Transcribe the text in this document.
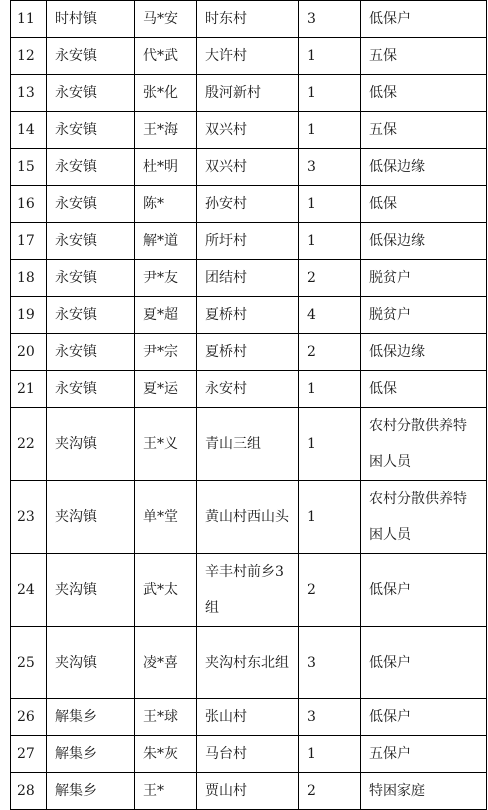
11	时村镇	马*安	时东村	3	低保户
12	永安镇	代*武	大许村	1	五保
13	永安镇	张*化	殷河新村	1	低保
14	永安镇	王*海	双兴村	1	五保
15	永安镇	杜*明	双兴村	3	低保边缘
16	永安镇	陈*	孙安村	1	低保
17	永安镇	解*道	所圩村	1	低保边缘
18	永安镇	尹*友	团结村	2	脱贫户
19	永安镇	夏*超	夏桥村	4	脱贫户
20	永安镇	尹*宗	夏桥村	2	低保边缘
21	永安镇	夏*运	永安村	1	低保
22	夹沟镇	王*义	青山三组	1	农村分散供养特困人员
23	夹沟镇	单*堂	黄山村西山头	1	农村分散供养特困人员
24	夹沟镇	武*太	辛丰村前乡3组	2	低保户
25	夹沟镇	凌*喜	夹沟村东北组	3	低保户
26	解集乡	王*球	张山村	3	低保户
27	解集乡	朱*灰	马台村	1	五保户
28	解集乡	王*	贾山村	2	特困家庭
